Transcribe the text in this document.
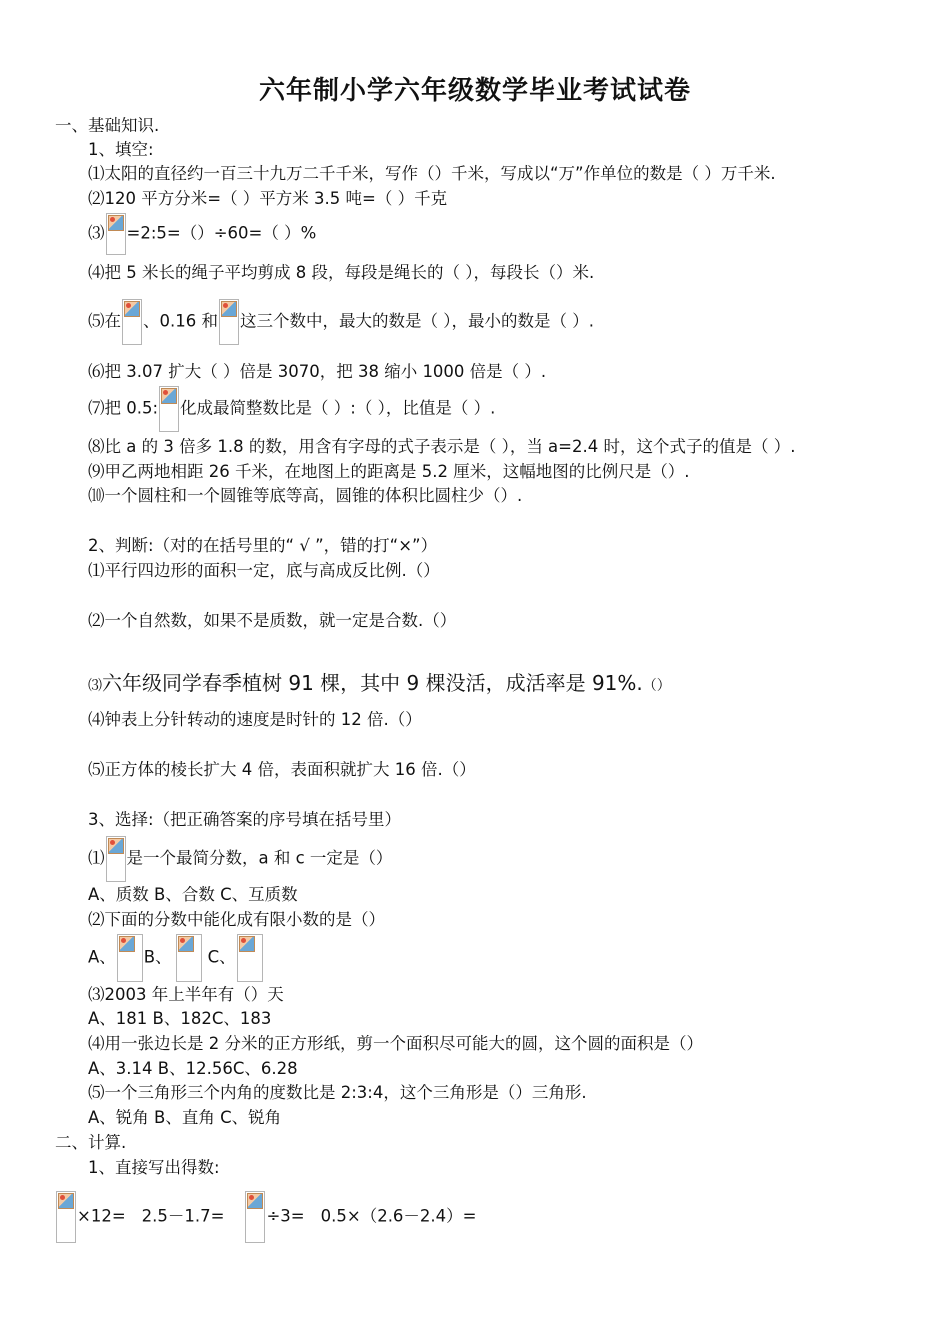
六年制小学六年级数学毕业考试试卷
一、基础知识.
1、填空:
⑴太阳的直径约一百三十九万二千千米，写作（）千米，写成以“万”作单位的数是（ ）万千米.
⑵120 平方分米=（ ）平方米 3.5 吨=（ ）千克
⑶ =2:5=（）÷60=（ ）%
⑷把 5 米长的绳子平均剪成 8 段，每段是绳长的（ ），每段长（）米.
⑸在 、0.16 和 这三个数中，最大的数是（ ），最小的数是（ ）.
⑹把 3.07 扩大（ ）倍是 3070，把 38 缩小 1000 倍是（ ）.
⑺把 0.5: 化成最简整数比是（ ）:（ ），比值是（ ）.
⑻比 a 的 3 倍多 1.8 的数，用含有字母的式子表示是（ ），当 a=2.4 时，这个式子的值是（ ）.
⑼甲乙两地相距 26 千米，在地图上的距离是 5.2 厘米，这幅地图的比例尺是（）.
⑽一个圆柱和一个圆锥等底等高，圆锥的体积比圆柱少（）.
2、判断:（对的在括号里的“ √ ”，错的打“×”）
⑴平行四边形的面积一定，底与高成反比例.（）
⑵一个自然数，如果不是质数，就一定是合数.（）
⑶六年级同学春季植树 91 棵，其中 9 棵没活，成活率是 91%.（）
⑷钟表上分针转动的速度是时针的 12 倍.（）
⑸正方体的棱长扩大 4 倍，表面积就扩大 16 倍.（）
3、选择:（把正确答案的序号填在括号里）
⑴ 是一个最简分数，a 和 c 一定是（）
A、质数 B、合数 C、互质数
⑵下面的分数中能化成有限小数的是（）
A、 B、 C、
⑶2003 年上半年有（）天
A、181 B、182C、183
⑷用一张边长是 2 分米的正方形纸，剪一个面积尽可能大的圆，这个圆的面积是（）
A、3.14 B、12.56C、6.28
⑸一个三角形三个内角的度数比是 2:3:4，这个三角形是（）三角形.
A、锐角 B、直角 C、锐角
二、计算.
1、直接写出得数:
×12= 2.5－1.7=	÷3= 0.5×（2.6－2.4）=
